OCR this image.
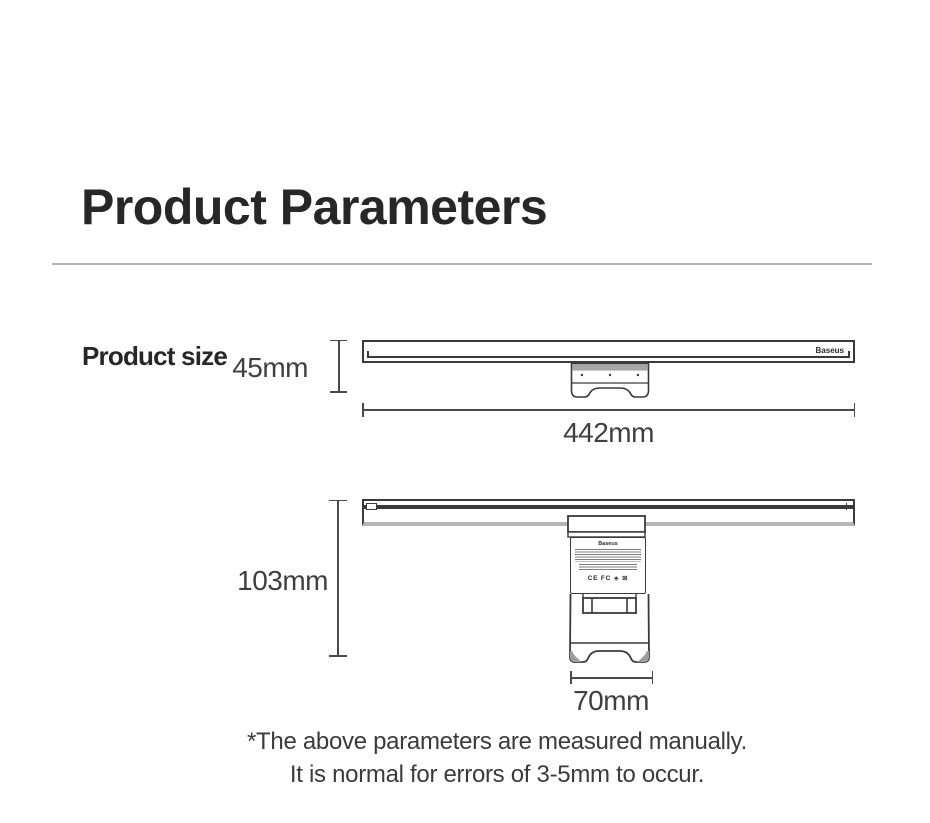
Product Parameters
Product size 45mm
Baseus
442mm
103mm
Baseus
CE FC ◈ ⊠
70mm
*The above parameters are measured manually.
It is normal for errors of 3-5mm to occur.
